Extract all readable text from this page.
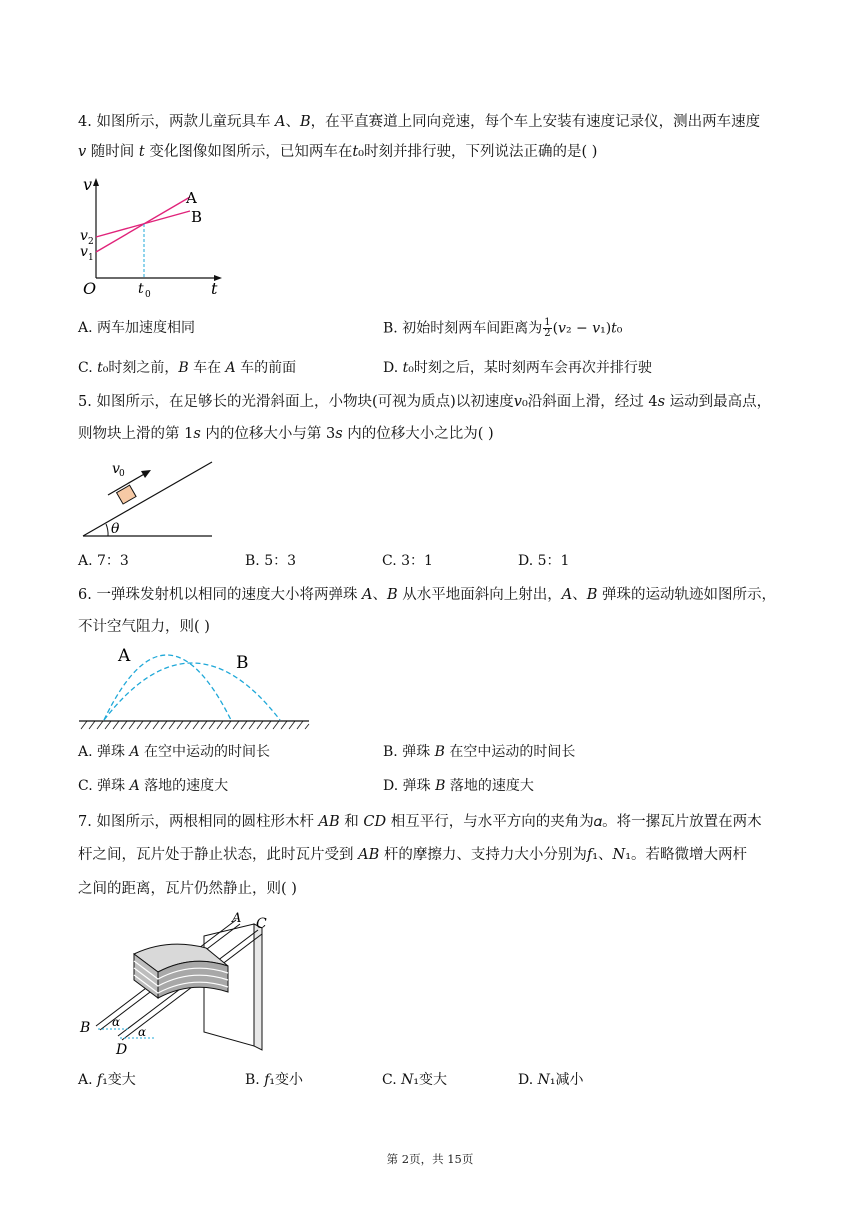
4. 如图所示，两款儿童玩具车 𝐴、𝐵，在平直赛道上同向竞速，每个车上安装有速度记录仪，测出两车速度
𝑣 随时间 𝑡 变化图像如图所示，已知两车在𝑡₀时刻并排行驶，下列说法正确的是( )
v
O	t
t 0
v 2
v 1
A
B
A. 两车加速度相同	B. 初始时刻两车间距离为 $\frac{1}{2}$ (𝑣₂ − 𝑣₁)𝑡₀
C. 𝑡₀时刻之前，𝐵 车在 𝐴 车的前面	D. 𝑡₀时刻之后，某时刻两车会再次并排行驶
5. 如图所示，在足够长的光滑斜面上，小物块(可视为质点)以初速度𝑣₀沿斜面上滑，经过 4𝑠 运动到最高点，
则物块上滑的第 1𝑠 内的位移大小与第 3𝑠 内的位移大小之比为( )
v 0
θ
A. 7：3	B. 5：3	C. 3：1	D. 5：1
6. 一弹珠发射机以相同的速度大小将两弹珠 𝐴、𝐵 从水平地面斜向上射出，𝐴、𝐵 弹珠的运动轨迹如图所示，
不计空气阻力，则( )
A	B
A. 弹珠 𝐴 在空中运动的时间长	B. 弹珠 𝐵 在空中运动的时间长
C. 弹珠 𝐴 落地的速度大	D. 弹珠 𝐵 落地的速度大
7. 如图所示，两根相同的圆柱形木杆 𝐴𝐵 和 𝐶𝐷 相互平行，与水平方向的夹角为𝛼。将一摞瓦片放置在两木
杆之间，瓦片处于静止状态，此时瓦片受到 𝐴𝐵 杆的摩擦力、支持力大小分别为𝑓₁、𝑁₁。若略微增大两杆
之间的距离，瓦片仍然静止，则( )
B
D
A C
α
α
A. 𝑓₁变大	B. 𝑓₁变小	C. 𝑁₁变大	D. 𝑁₁减小
第 2页，共 15页
